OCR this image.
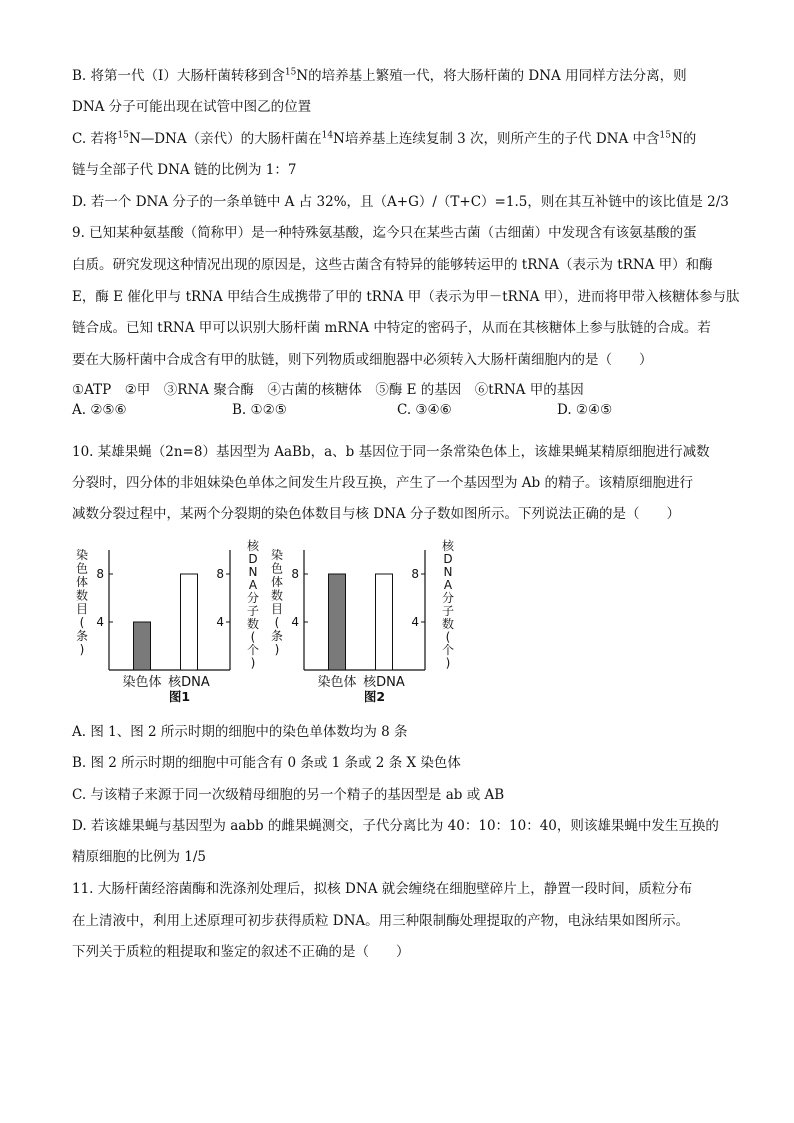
B. 将第一代（Ⅰ）大肠杆菌转移到含$^{15}$N的培养基上繁殖一代，将大肠杆菌的 DNA 用同样方法分离，则
DNA 分子可能出现在试管中图乙的位置
C. 若将$^{15}$N—DNA（亲代）的大肠杆菌在$^{14}$N培养基上连续复制 3 次，则所产生的子代 DNA 中含$^{15}$N的
链与全部子代 DNA 链的比例为 1：7
D. 若一个 DNA 分子的一条单链中 A 占 32%，且（A+G）/（T+C）=1.5，则在其互补链中的该比值是 2/3
9. 已知某种氨基酸（简称甲）是一种特殊氨基酸，迄今只在某些古菌（古细菌）中发现含有该氨基酸的蛋
白质。研究发现这种情况出现的原因是，这些古菌含有特异的能够转运甲的 tRNA（表示为 tRNA 甲）和酶
E，酶 E 催化甲与 tRNA 甲结合生成携带了甲的 tRNA 甲（表示为甲－tRNA 甲），进而将甲带入核糖体参与肽
链合成。已知 tRNA 甲可以识别大肠杆菌 mRNA 中特定的密码子，从而在其核糖体上参与肽链的合成。若
要在大肠杆菌中合成含有甲的肽链，则下列物质或细胞器中必须转入大肠杆菌细胞内的是（　　）
①ATP　②甲　③RNA 聚合酶　④古菌的核糖体　⑤酶 E 的基因　⑥tRNA 甲的基因
A. ②⑤⑥	B. ①②⑤	C. ③④⑥	D. ②④⑤
10. 某雄果蝇（2n=8）基因型为 AaBb，a、b 基因位于同一条常染色体上，该雄果蝇某精原细胞进行减数
分裂时，四分体的非姐妹染色单体之间发生片段互换，产生了一个基因型为 Ab 的精子。该精原细胞进行
减数分裂过程中，某两个分裂期的染色体数目与核 DNA 分子数如图所示。下列说法正确的是（　　）
染
色
体
数
目
(
条
)
核
D
N
A
分
子
数
(
个
)
4	4
8	8
染色体 核DNA
图1
染
色
体
数
目
(
条
)
核
D
N
A
分
子
数
(
个
)
4	4
8	8
染色体 核DNA
图2
A. 图 1、图 2 所示时期的细胞中的染色单体数均为 8 条
B. 图 2 所示时期的细胞中可能含有 0 条或 1 条或 2 条 X 染色体
C. 与该精子来源于同一次级精母细胞的另一个精子的基因型是 ab 或 AB
D. 若该雄果蝇与基因型为 aabb 的雌果蝇测交，子代分离比为 40：10：10：40，则该雄果蝇中发生互换的
精原细胞的比例为 1/5
11. 大肠杆菌经溶菌酶和洗涤剂处理后，拟核 DNA 就会缠绕在细胞壁碎片上，静置一段时间，质粒分布
在上清液中，利用上述原理可初步获得质粒 DNA。用三种限制酶处理提取的产物，电泳结果如图所示。
下列关于质粒的粗提取和鉴定的叙述不正确的是（　　）
